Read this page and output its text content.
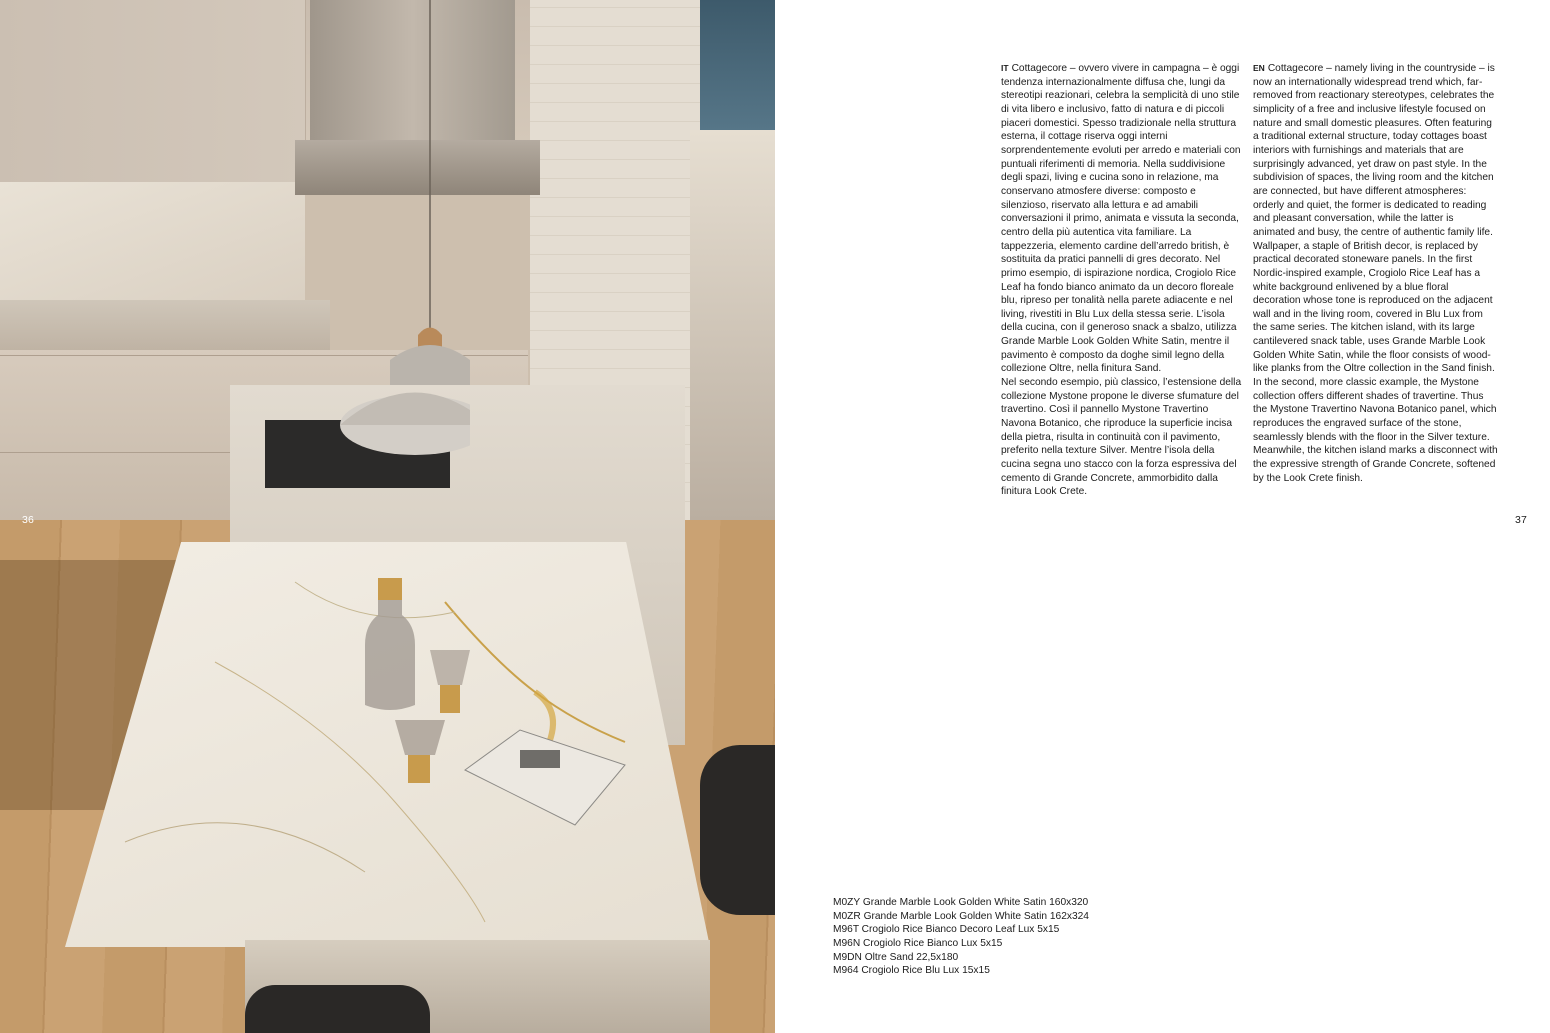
36

IT Cottagecore – ovvero vivere in campagna – è oggi tendenza internazionalmente diffusa che, lungi da stereotipi reazionari, celebra la semplicità di uno stile di vita libero e inclusivo, fatto di natura e di piccoli piaceri domestici. Spesso tradizionale nella struttura esterna, il cottage riserva oggi interni sorprendentemente evoluti per arredo e materiali con puntuali riferimenti di memoria. Nella suddivisione degli spazi, living e cucina sono in relazione, ma conservano atmosfere diverse: composto e silenzioso, riservato alla lettura e ad amabili conversazioni il primo, animata e vissuta la seconda, centro della più autentica vita familiare. La tappezzeria, elemento cardine dell’arredo british, è sostituita da pratici pannelli di gres decorato. Nel primo esempio, di ispirazione nordica, Crogiolo Rice Leaf ha fondo bianco animato da un decoro floreale blu, ripreso per tonalità nella parete adiacente e nel living, rivestiti in Blu Lux della stessa serie. L’isola della cucina, con il generoso snack a sbalzo, utilizza Grande Marble Look Golden White Satin, mentre il pavimento è composto da doghe simil legno della collezione Oltre, nella finitura Sand.

Nel secondo esempio, più classico, l’estensione della collezione Mystone propone le diverse sfumature del travertino. Così il pannello Mystone Travertino Navona Botanico, che riproduce la superficie incisa della pietra, risulta in continuità con il pavimento, preferito nella texture Silver. Mentre l’isola della cucina segna uno stacco con la forza espressiva del cemento di Grande Concrete, ammorbidito dalla finitura Look Crete.

EN Cottagecore – namely living in the countryside – is now an internationally widespread trend which, far-removed from reactionary stereotypes, celebrates the simplicity of a free and inclusive lifestyle focused on nature and small domestic pleasures. Often featuring a traditional external structure, today cottages boast interiors with furnishings and materials that are surprisingly advanced, yet draw on past style. In the subdivision of spaces, the living room and the kitchen are connected, but have different atmospheres: orderly and quiet, the former is dedicated to reading and pleasant conversation, while the latter is animated and busy, the centre of authentic family life. Wallpaper, a staple of British decor, is replaced by practical decorated stoneware panels. In the first Nordic-inspired example, Crogiolo Rice Leaf has a white background enlivened by a blue floral decoration whose tone is reproduced on the adjacent wall and in the living room, covered in Blu Lux from the same series. The kitchen island, with its large cantilevered snack table, uses Grande Marble Look Golden White Satin, while the floor consists of wood-like planks from the Oltre collection in the Sand finish.

In the second, more classic example, the Mystone collection offers different shades of travertine. Thus the Mystone Travertino Navona Botanico panel, which reproduces the engraved surface of the stone, seamlessly blends with the floor in the Silver texture. Meanwhile, the kitchen island marks a disconnect with the expressive strength of Grande Concrete, softened by the Look Crete finish.

37
M0ZY Grande Marble Look Golden White Satin 160x320
M0ZR Grande Marble Look Golden White Satin 162x324
M96T Crogiolo Rice Bianco Decoro Leaf Lux 5x15
M96N Crogiolo Rice Bianco Lux 5x15
M9DN Oltre Sand 22,5x180
M964 Crogiolo Rice Blu Lux 15x15
